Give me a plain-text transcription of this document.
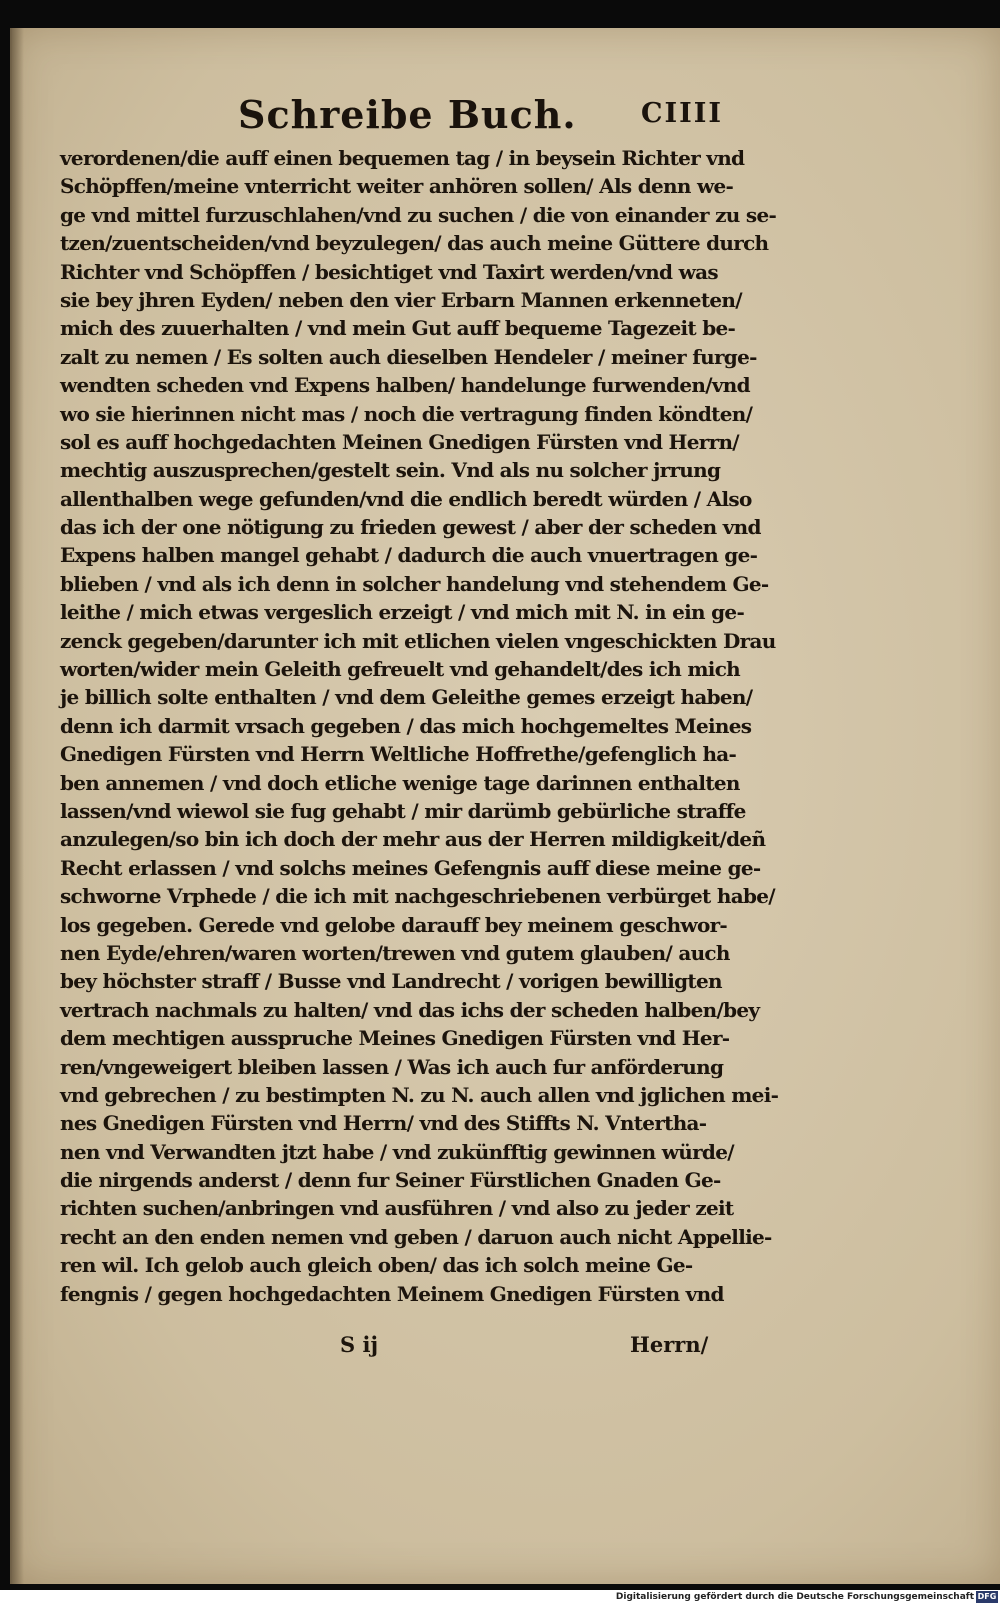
Schreibe Buch. CIIII
verordenen/die auff einen bequemen tag / in beysein Richter vnd
Schöpffen/meine vnterricht weiter anhören sollen/ Als denn we-
ge vnd mittel furzuschlahen/vnd zu suchen / die von einander zu se-
tzen/zuentscheiden/vnd beyzulegen/ das auch meine Güttere durch
Richter vnd Schöpffen / besichtiget vnd Taxirt werden/vnd was
sie bey jhren Eyden/ neben den vier Erbarn Mannen erkenneten/
mich des zuuerhalten / vnd mein Gut auff bequeme Tagezeit be-
zalt zu nemen / Es solten auch dieselben Hendeler / meiner furge-
wendten scheden vnd Expens halben/ handelunge furwenden/vnd
wo sie hierinnen nicht mas / noch die vertragung finden köndten/
sol es auff hochgedachten Meinen Gnedigen Fürsten vnd Herrn/
mechtig auszusprechen/gestelt sein. Vnd als nu solcher jrrung
allenthalben wege gefunden/vnd die endlich beredt würden / Also
das ich der one nötigung zu frieden gewest / aber der scheden vnd
Expens halben mangel gehabt / dadurch die auch vnuertragen ge-
blieben / vnd als ich denn in solcher handelung vnd stehendem Ge-
leithe / mich etwas vergeslich erzeigt / vnd mich mit N. in ein ge-
zenck gegeben/darunter ich mit etlichen vielen vngeschickten Drau
worten/wider mein Geleith gefreuelt vnd gehandelt/des ich mich
je billich solte enthalten / vnd dem Geleithe gemes erzeigt haben/
denn ich darmit vrsach gegeben / das mich hochgemeltes Meines
Gnedigen Fürsten vnd Herrn Weltliche Hoffrethe/gefenglich ha-
ben annemen / vnd doch etliche wenige tage darinnen enthalten
lassen/vnd wiewol sie fug gehabt / mir darümb gebürliche straffe
anzulegen/so bin ich doch der mehr aus der Herren mildigkeit/deñ
Recht erlassen / vnd solchs meines Gefengnis auff diese meine ge-
schworne Vrphede / die ich mit nachgeschriebenen verbürget habe/
los gegeben. Gerede vnd gelobe darauff bey meinem geschwor-
nen Eyde/ehren/waren worten/trewen vnd gutem glauben/ auch
bey höchster straff / Busse vnd Landrecht / vorigen bewilligten
vertrach nachmals zu halten/ vnd das ichs der scheden halben/bey
dem mechtigen ausspruche Meines Gnedigen Fürsten vnd Her-
ren/vngeweigert bleiben lassen / Was ich auch fur anförderung
vnd gebrechen / zu bestimpten N. zu N. auch allen vnd jglichen mei-
nes Gnedigen Fürsten vnd Herrn/ vnd des Stiffts N. Vntertha-
nen vnd Verwandten jtzt habe / vnd zukünfftig gewinnen würde/
die nirgends anderst / denn fur Seiner Fürstlichen Gnaden Ge-
richten suchen/anbringen vnd ausführen / vnd also zu jeder zeit
recht an den enden nemen vnd geben / daruon auch nicht Appellie-
ren wil. Ich gelob auch gleich oben/ das ich solch meine Ge-
fengnis / gegen hochgedachten Meinem Gnedigen Fürsten vnd
S ij	Herrn/
Digitalisierung gefördert durch die Deutsche Forschungsgemeinschaft DFG
